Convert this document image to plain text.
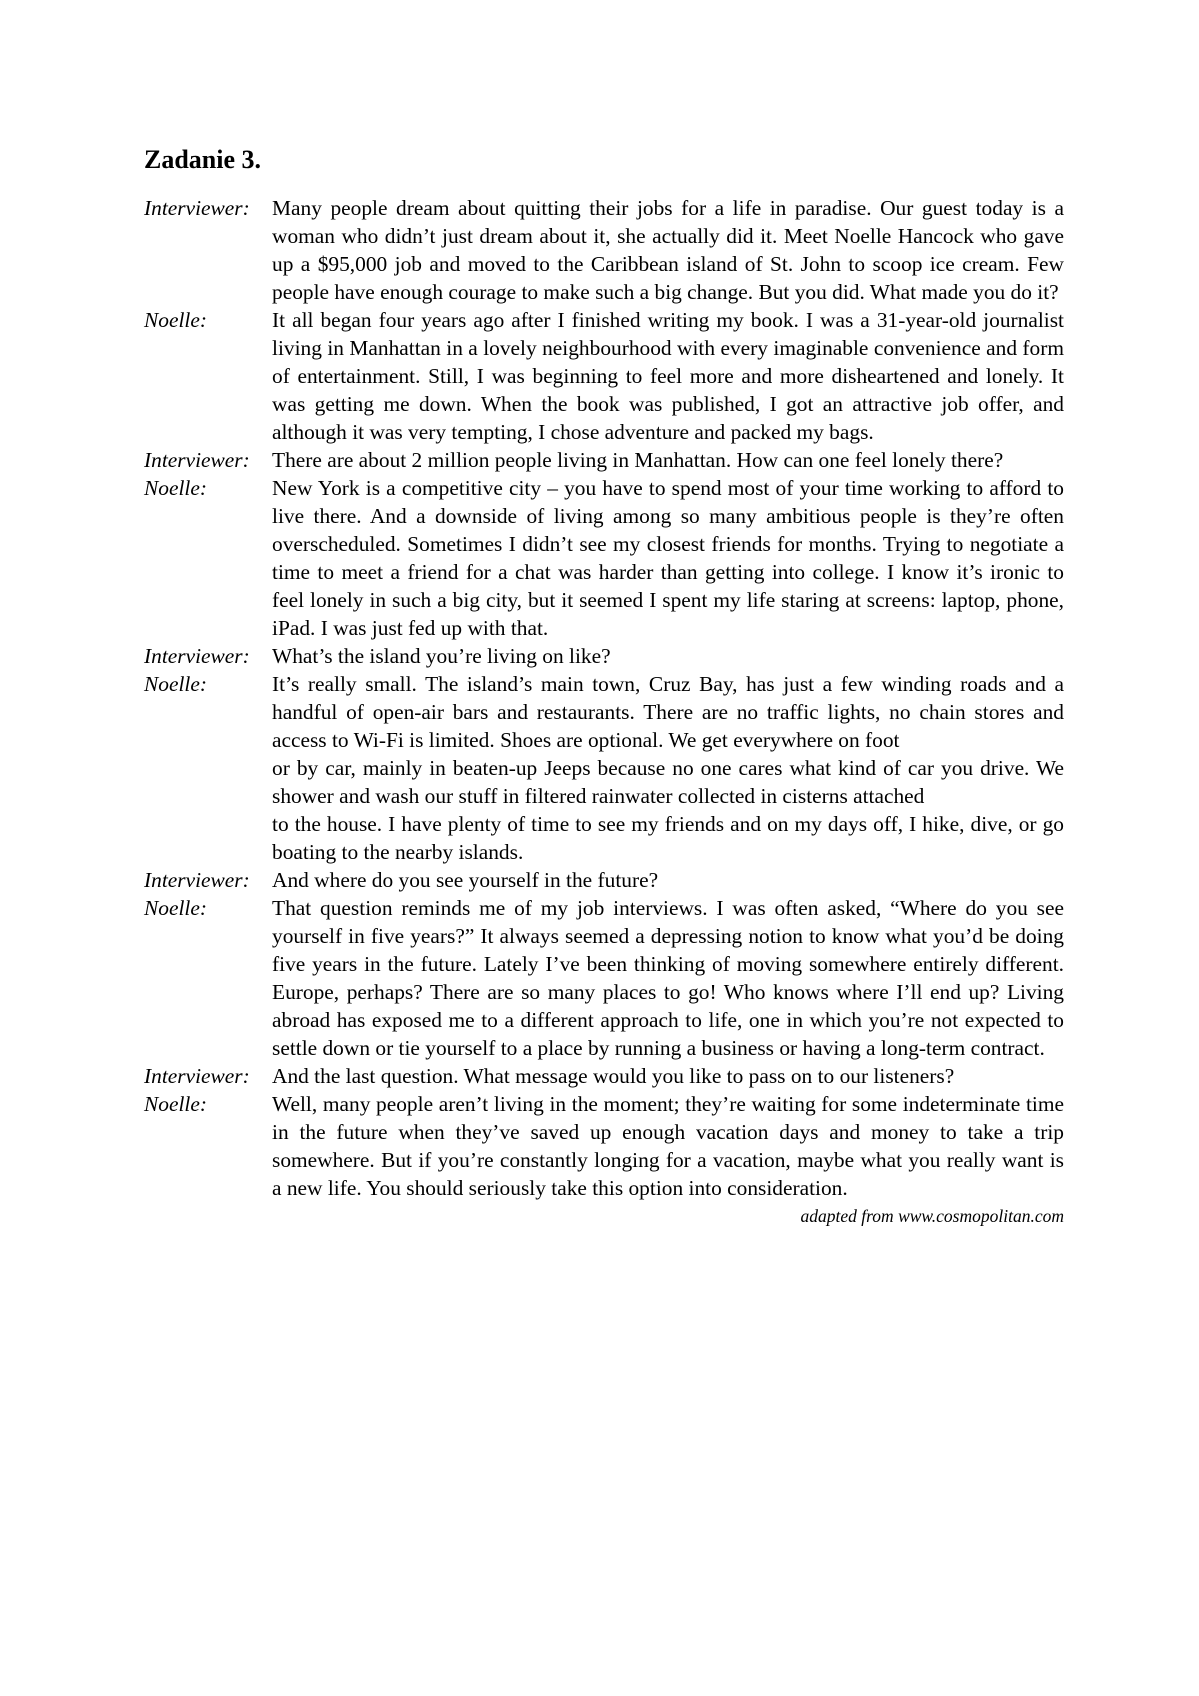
Zadanie 3.
Interviewer:	Many people dream about quitting their jobs for a life in paradise. Our guest today is a woman who didn’t just dream about it, she actually did it. Meet Noelle Hancock who gave up a $95,000 job and moved to the Caribbean island of St. John to scoop ice cream. Few people have enough courage to make such a big change. But you did. What made you do it?

Noelle:	It all began four years ago after I finished writing my book. I was a 31-year-old journalist living in Manhattan in a lovely neighbourhood with every imaginable convenience and form of entertainment. Still, I was beginning to feel more and more disheartened and lonely. It was getting me down. When the book was published, I got an attractive job offer, and although it was very tempting, I chose adventure and packed my bags.

Interviewer:	There are about 2 million people living in Manhattan. How can one feel lonely there?

Noelle:	New York is a competitive city – you have to spend most of your time working to afford to live there. And a downside of living among so many ambitious people is they’re often overscheduled. Sometimes I didn’t see my closest friends for months. Trying to negotiate a time to meet a friend for a chat was harder than getting into college. I know it’s ironic to feel lonely in such a big city, but it seemed I spent my life staring at screens: laptop, phone, iPad. I was just fed up with that.

Interviewer:	What’s the island you’re living on like?

Noelle:	It’s really small. The island’s main town, Cruz Bay, has just a few winding roads and a handful of open-air bars and restaurants. There are no traffic lights, no chain stores and access to Wi-Fi is limited. Shoes are optional. We get everywhere on foot

or by car, mainly in beaten-up Jeeps because no one cares what kind of car you drive. We shower and wash our stuff in filtered rainwater collected in cisterns attached

to the house. I have plenty of time to see my friends and on my days off, I hike, dive, or go boating to the nearby islands.

Interviewer:	And where do you see yourself in the future?

Noelle:	That question reminds me of my job interviews. I was often asked, “Where do you see yourself in five years?” It always seemed a depressing notion to know what you’d be doing five years in the future. Lately I’ve been thinking of moving somewhere entirely different. Europe, perhaps? There are so many places to go! Who knows where I’ll end up? Living abroad has exposed me to a different approach to life, one in which you’re not expected to settle down or tie yourself to a place by running a business or having a long-term contract.

Interviewer:	And the last question. What message would you like to pass on to our listeners?

Noelle:	Well, many people aren’t living in the moment; they’re waiting for some indeterminate time in the future when they’ve saved up enough vacation days and money to take a trip somewhere. But if you’re constantly longing for a vacation, maybe what you really want is a new life. You should seriously take this option into consideration.

adapted from www.cosmopolitan.com
